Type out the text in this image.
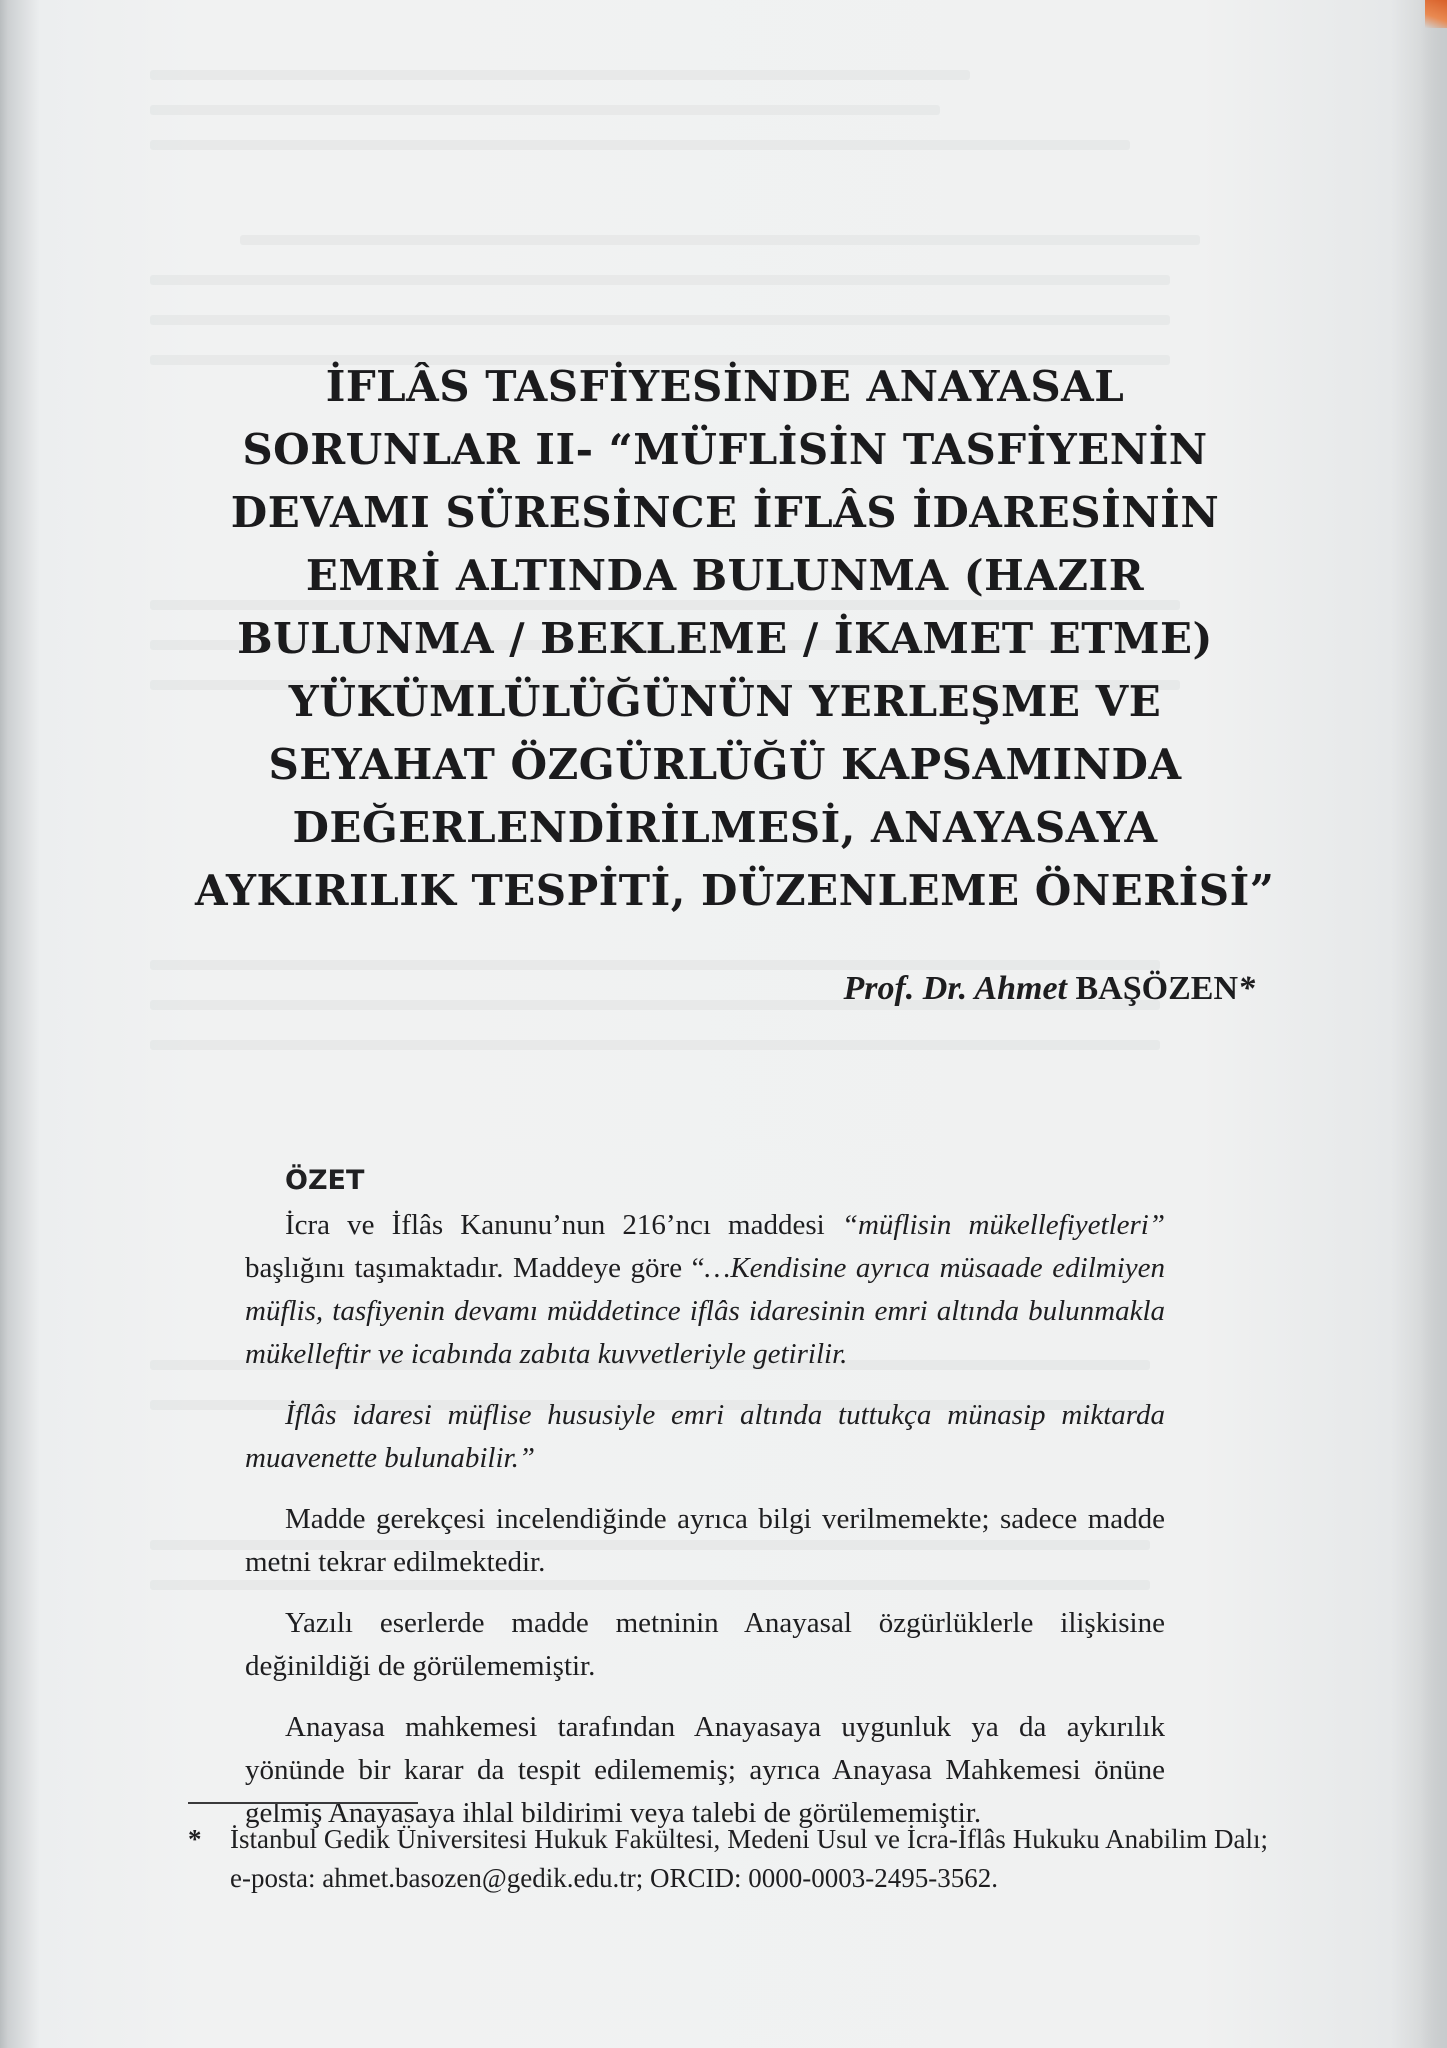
İFLÂS TASFİYESİNDE ANAYASAL
SORUNLAR II- “MÜFLİSİN TASFİYENİN
DEVAMI SÜRESİNCE İFLÂS İDARESİNİN
EMRİ ALTINDA BULUNMA (HAZIR
BULUNMA / BEKLEME / İKAMET ETME)
YÜKÜMLÜLÜĞÜNÜN YERLEŞME VE
SEYAHAT ÖZGÜRLÜĞÜ KAPSAMINDA
DEĞERLENDİRİLMESİ, ANAYASAYA
AYKIRILIK TESPİTİ, DÜZENLEME ÖNERİSİ”
Prof. Dr. Ahmet BAŞÖZEN*
ÖZET

İcra ve İflâs Kanunu’nun 216’ncı maddesi “müflisin mükellefiyetleri” başlığını taşımaktadır. Maddeye göre “…Kendisine ayrıca müsaade edilmiyen müflis, tasfiyenin devamı müddetince iflâs idaresinin emri altında bulunmakla mükelleftir ve icabında zabıta kuvvetleriyle getirilir.

İflâs idaresi müflise hususiyle emri altında tuttukça münasip miktarda muavenette bulunabilir.”

Madde gerekçesi incelendiğinde ayrıca bilgi verilmemekte; sadece madde metni tekrar edilmektedir.

Yazılı eserlerde madde metninin Anayasal özgürlüklerle ilişkisine değinildiği de görülememiştir.

Anayasa mahkemesi tarafından Anayasaya uygunluk ya da aykırılık yönünde bir karar da tespit edilememiş; ayrıca Anayasa Mahkemesi önüne gelmiş Anayasaya ihlal bildirimi veya talebi de görülememiştir.

* İstanbul Gedik Üniversitesi Hukuk Fakültesi, Medeni Usul ve İcra-İflâs Hukuku Anabilim Dalı; e-posta: ahmet.basozen@gedik.edu.tr; ORCID: 0000-0003-2495-3562.
